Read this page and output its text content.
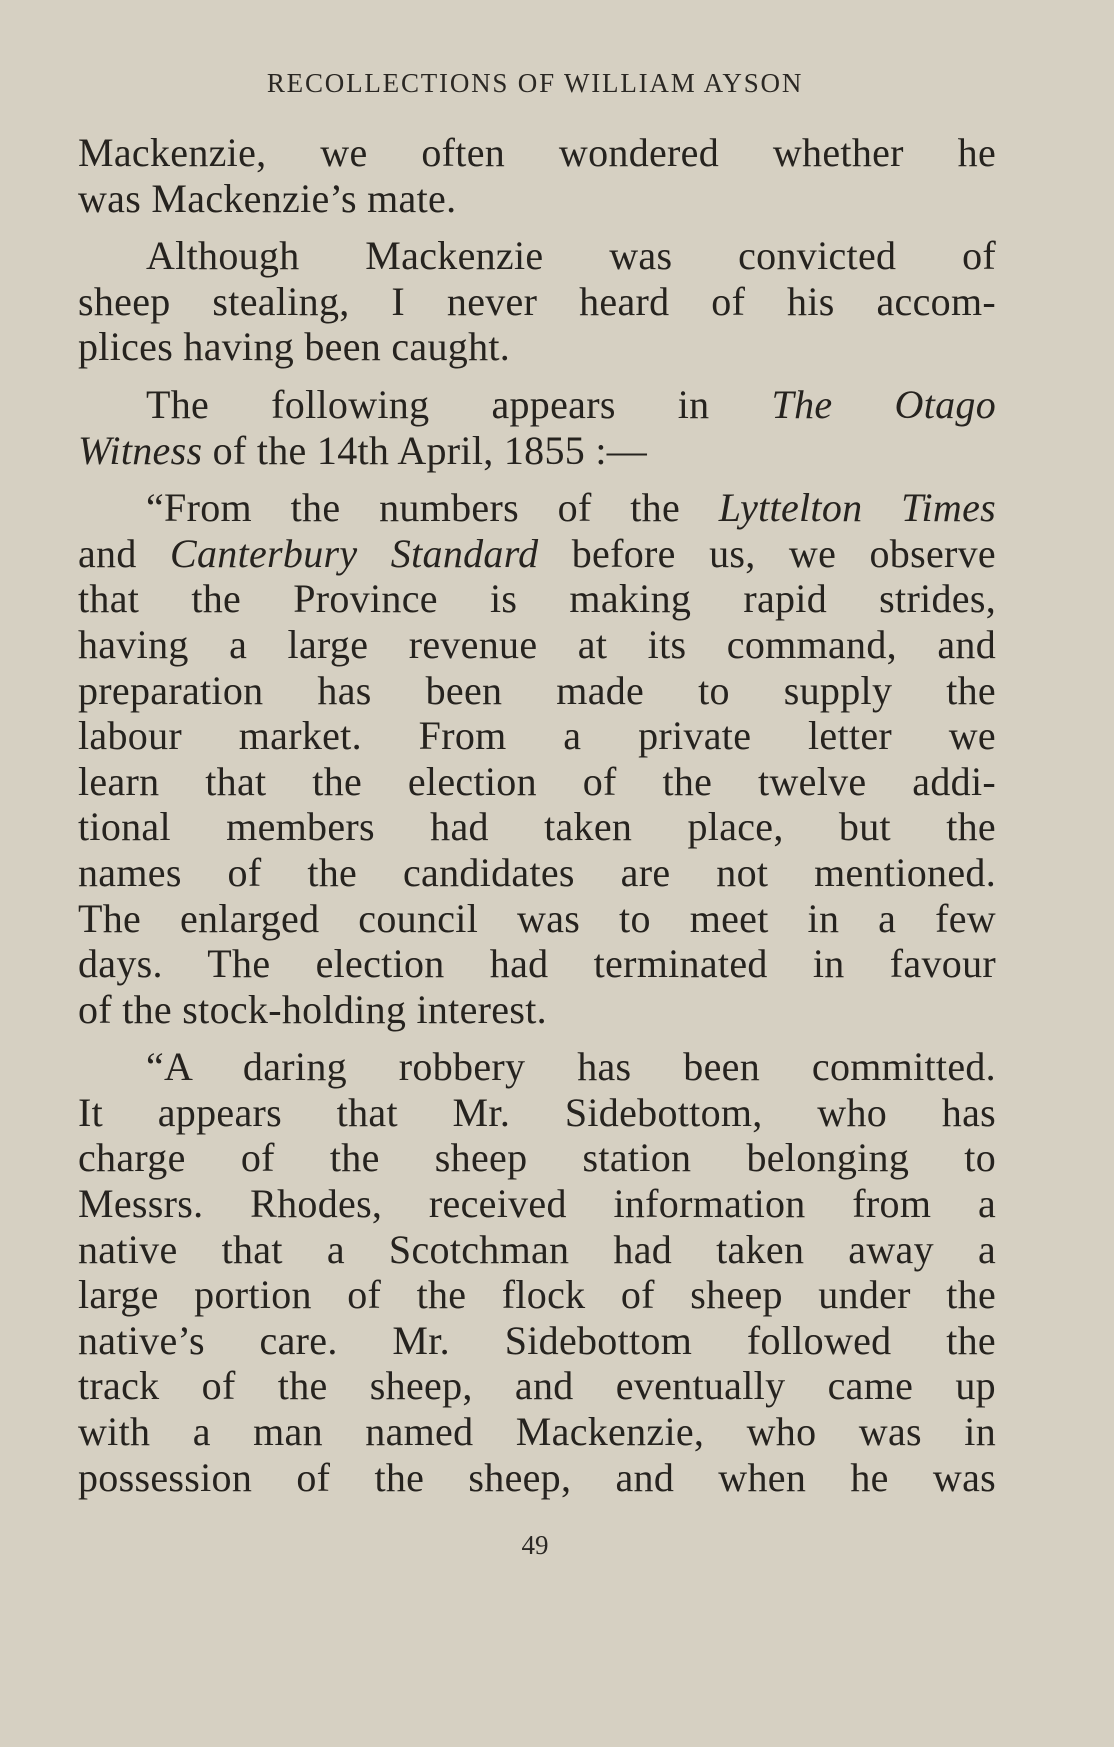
RECOLLECTIONS OF WILLIAM AYSON
Mackenzie, we often wondered whether he
was Mackenzie’s mate.
Although Mackenzie was convicted of
sheep stealing, I never heard of his accom-
plices having been caught.
The following appears in The Otago
Witness of the 14th April, 1855 :—
“From the numbers of the Lyttelton Times
and Canterbury Standard before us, we observe
that the Province is making rapid strides,
having a large revenue at its command, and
preparation has been made to supply the
labour market. From a private letter we
learn that the election of the twelve addi-
tional members had taken place, but the
names of the candidates are not mentioned.
The enlarged council was to meet in a few
days. The election had terminated in favour
of the stock-holding interest.
“A daring robbery has been committed.
It appears that Mr. Sidebottom, who has
charge of the sheep station belonging to
Messrs. Rhodes, received information from a
native that a Scotchman had taken away a
large portion of the flock of sheep under the
native’s care. Mr. Sidebottom followed the
track of the sheep, and eventually came up
with a man named Mackenzie, who was in
possession of the sheep, and when he was
49
